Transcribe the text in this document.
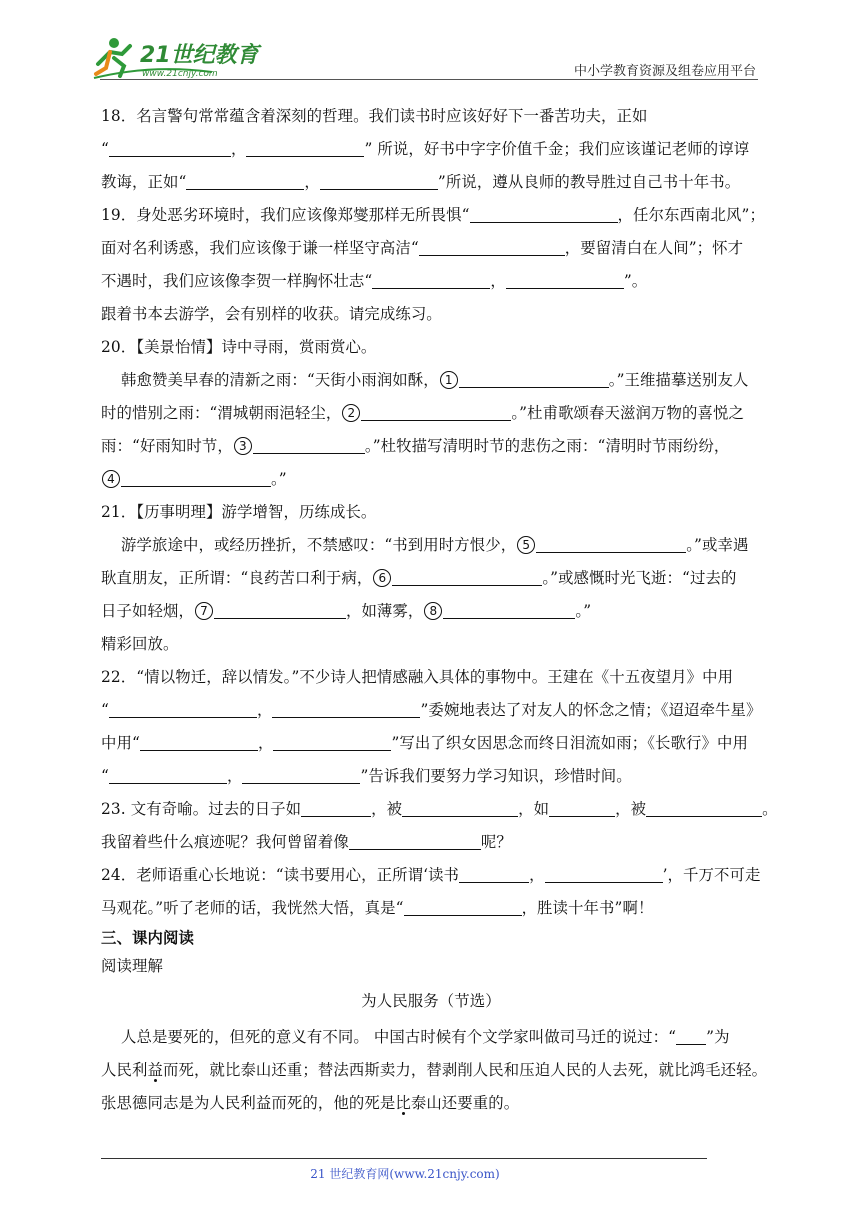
21世纪教育
www.21cnjy.com	中小学教育资源及组卷应用平台

18．名言警句常常蕴含着深刻的哲理。我们读书时应该好好下一番苦功夫，正如

“	，	” 所说，好书中字字价值千金；我们应该谨记老师的谆谆

教诲，正如“	，	”所说，遵从良师的教导胜过自己书十年书。

19．身处恶劣环境时，我们应该像郑燮那样无所畏惧“	，任尔东西南北风”；

面对名利诱惑，我们应该像于谦一样坚守高洁“	，要留清白在人间”；怀才

不遇时，我们应该像李贺一样胸怀壮志“	，	”。

跟着书本去游学，会有别样的收获。请完成练习。

20．【美景怡情】诗中寻雨，赏雨赏心。

韩愈赞美早春的清新之雨：“天街小雨润如酥， 1	。”王维描摹送别友人

时的惜别之雨：“渭城朝雨浥轻尘， 2	。”杜甫歌颂春天滋润万物的喜悦之

雨：“好雨知时节， 3	。”杜牧描写清明时节的悲伤之雨：“清明时节雨纷纷，

4	。”

21．【历事明理】游学增智，历练成长。

游学旅途中，或经历挫折，不禁感叹：“书到用时方恨少， 5	。”或幸遇

耿直朋友，正所谓：“良药苦口利于病， 6	。”或感慨时光飞逝：“过去的

日子如轻烟， 7	，如薄雾， 8	。”

精彩回放。

22．“情以物迁，辞以情发。”不少诗人把情感融入具体的事物中。王建在《十五夜望月》中用

“	，	”委婉地表达了对友人的怀念之情；《迢迢牵牛星》

中用“	，	”写出了织女因思念而终日泪流如雨；《长歌行》中用

“	，	”告诉我们要努力学习知识，珍惜时间。

23. 文有奇喻。过去的日子如	，被	，如	，被	。

我留着些什么痕迹呢？我何曾留着像	呢？

24．老师语重心长地说：“读书要用心，正所谓‘读书	，	’，千万不可走

马观花。”听了老师的话，我恍然大悟，真是“	，胜读十年书”啊！

三、课内阅读

阅读理解

为人民服务（节选）

人总是要死的，但死的意义有不同。 中国古时候有个文学家叫做司马迁的说过：“ ”为

人民利益而死，就比泰山还重；替法西斯卖力，替剥削人民和压迫人民的人去死，就比鸿毛还轻。

张思德同志是为人民利益而死的，他的死是比泰山还要重的。

21 世纪教育网(www.21cnjy.com)
